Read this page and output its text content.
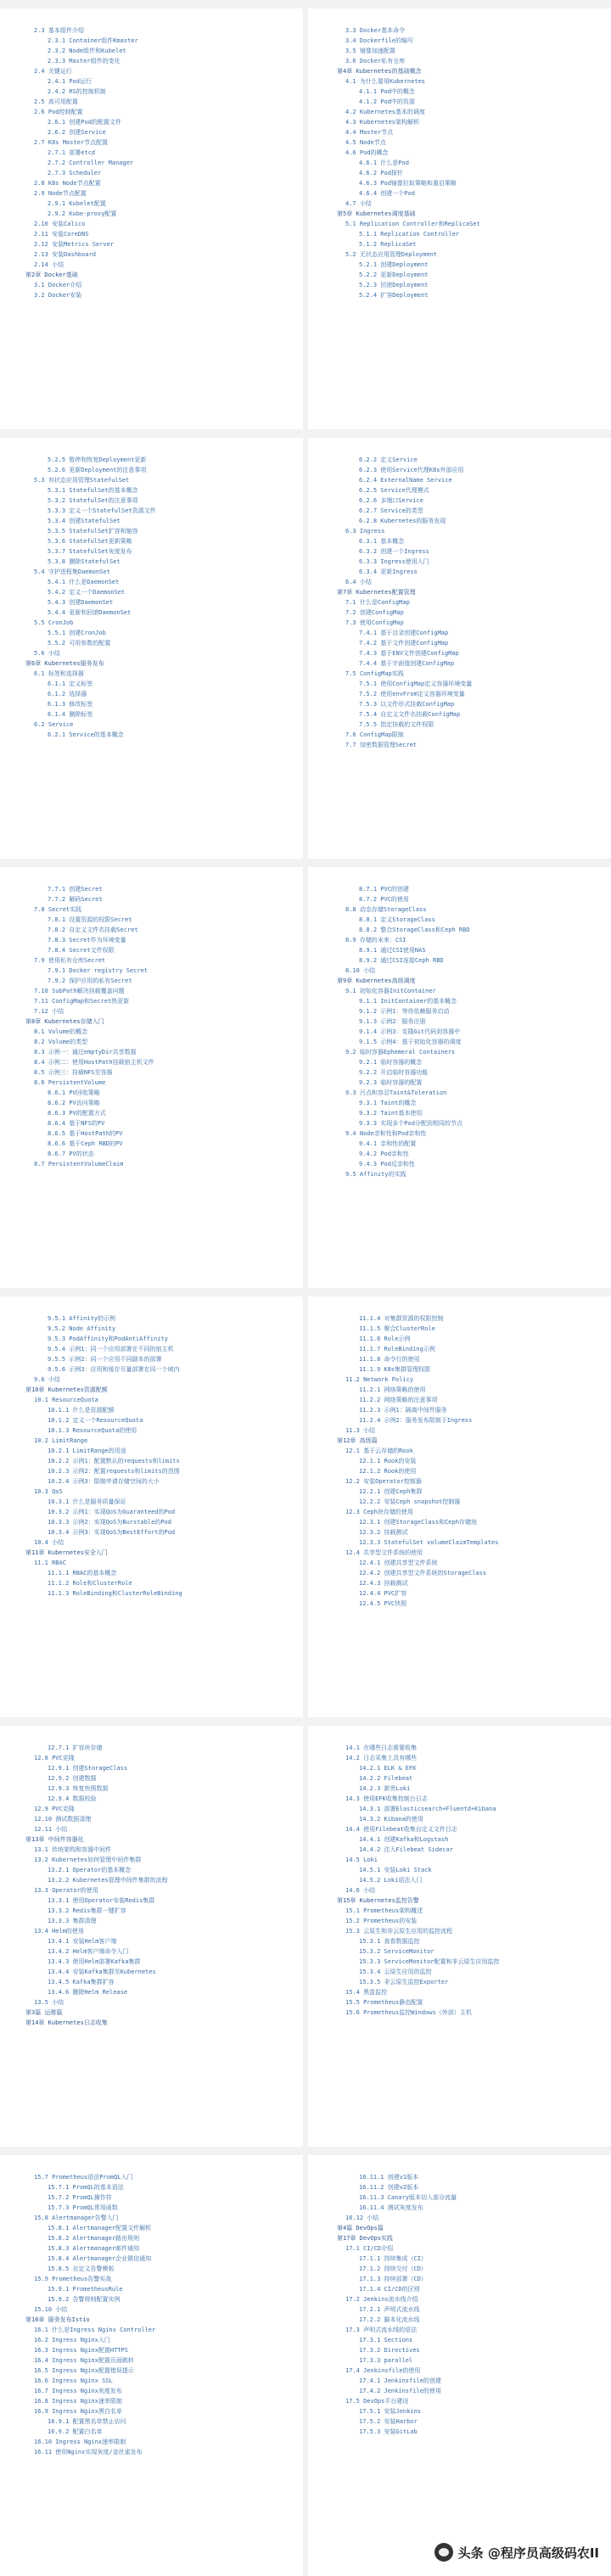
2.3 基本组件介绍
2.3.1 Container组件Kmaster
2.3.2 Node组件和Kubelet
2.3.3 Master组件的变化
2.4 关键运行
2.4.1 Pod运行
2.4.2 RS的控制机制
2.5 高可用配置
2.6 Pod控制配置
2.6.1 创建Pod的配置文件
2.6.2 创建Service
2.7 K8s Master节点配置
2.7.1 部署etcd
2.7.2 Controller Manager
2.7.3 Scheduler
2.8 K8s Node节点配置
2.9 Node节点配置
2.9.1 Kubelet配置
2.9.2 Kube-proxy配置
2.10 安装Calico
2.11 安装CoreDNS
2.12 安装Metrics Server
2.13 安装Dashboard
2.14 小结
第2章 Docker基础
3.1 Docker介绍
3.2 Docker安装
3.3 Docker基本命令
3.4 Dockerfile的编写
3.5 镜像加速配置
3.6 Docker私有仓库
第4章 Kubernetes的基础概念
4.1 为什么要用Kubernetes
4.1.1 Pod中的概念
4.1.2 Pod中的资源
4.2 Kubernetes基本的调度
4.3 Kubernetes架构解析
4.4 Master节点
4.5 Node节点
4.6 Pod的概念
4.6.1 什么是Pod
4.6.2 Pod探针
4.6.3 Pod镜像拉取策略和重启策略
4.6.4 创建一个Pod
4.7 小结
第5章 Kubernetes调度基础
5.1 Replication Controller和ReplicaSet
5.1.1 Replication Controller
5.1.2 ReplicaSet
5.2 无状态应用管理Deployment
5.2.1 创建Deployment
5.2.2 更新Deployment
5.2.3 回滚Deployment
5.2.4 扩容Deployment
5.2.5 暂停和恢复Deployment更新
5.2.6 更新Deployment的注意事项
5.3 有状态应用管理StatefulSet
5.3.1 StatefulSet的基本概念
5.3.2 StatefulSet的注意事项
5.3.3 定义一个StatefulSet资源文件
5.3.4 创建StatefulSet
5.3.5 StatefulSet扩容和缩容
5.3.6 StatefulSet更新策略
5.3.7 StatefulSet灰度发布
5.3.8 删除StatefulSet
5.4 守护进程集DaemonSet
5.4.1 什么是DaemonSet
5.4.2 定义一个DaemonSet
5.4.3 创建DaemonSet
5.4.4 更新和回滚DaemonSet
5.5 CronJob
5.5.1 创建CronJob
5.5.2 可用参数的配置
5.6 小结
第6章 Kubernetes服务发布
6.1 标签和选择器
6.1.1 定义标签
6.1.2 选择器
6.1.3 修改标签
6.1.4 删除标签
6.2 Service
6.2.1 Service的基本概念
6.2.2 定义Service
6.2.3 使用Service代理K8s外部应用
6.2.4 ExternalName Service
6.2.5 Service代理模式
6.2.6 多端口Service
6.2.7 Service的类型
6.2.8 Kubernetes的服务发现
6.3 Ingress
6.3.1 基本概念
6.3.2 创建一个Ingress
6.3.3 Ingress使用入门
6.3.4 更新Ingress
6.4 小结
第7章 Kubernetes配置管理
7.1 什么是ConfigMap
7.2 创建ConfigMap
7.3 使用ConfigMap
7.4.1 基于目录创建ConfigMap
7.4.2 基于文件创建ConfigMap
7.4.3 基于ENV文件创建ConfigMap
7.4.4 基于字面值创建ConfigMap
7.5 ConfigMap实践
7.5.1 使用ConfigMap定义容器环境变量
7.5.2 使用envFrom定义容器环境变量
7.5.3 以文件形式挂载ConfigMap
7.5.4 自定义文件名挂载ConfigMap
7.5.5 指定挂载的文件权限
7.6 ConfigMap限制
7.7 加密数据管理Secret
7.7.1 创建Secret
7.7.2 解码Secret
7.8 Secret实践
7.8.1 设置资源的权限Secret
7.8.2 自定义文件名挂载Secret
7.8.3 Secret作为环境变量
7.8.4 Secret文件权限
7.9 使用私有仓库Secret
7.9.1 Docker registry Secret
7.9.2 保护应用的私有Secret
7.10 SubPath解决挂载覆盖问题
7.11 ConfigMap和Secret热更新
7.12 小结
第8章 Kubernetes存储入门
8.1 Volume的概念
8.2 Volume的类型
8.3 示例一：通过emptyDir共享数据
8.4 示例二：使用HostPath挂载宿主机文件
8.5 示例三：挂载NFS至容器
8.6 PersistentVolume
8.6.1 PV回收策略
8.6.2 PV访问策略
8.6.3 PV的配置方式
8.6.4 基于NFS的PV
8.6.5 基于HostPath的PV
8.6.6 基于Ceph RBD的PV
8.6.7 PV的状态
8.7 PersistentVolumeClaim
8.7.1 PVC的创建
8.7.2 PVC的使用
8.8 动态存储StorageClass
8.8.1 定义StorageClass
8.8.2 整合StorageClass和Ceph RBD
8.9 存储的未来：CSI
8.9.1 通过CSI使用NAS
8.9.2 通过CSI连接Ceph RBD
8.10 小结
第9章 Kubernetes高级调度
9.1 初始化容器InitContainer
9.1.1 InitContainer的基本概念
9.1.2 示例1：等待依赖服务启动
9.1.3 示例2：服务注册
9.1.4 示例3：克隆Git代码到容器中
9.1.5 示例4：基于初始化容器的调度
9.2 临时容器Ephemeral Containers
9.2.1 临时容器的概念
9.2.2 开启临时容器功能
9.2.3 临时容器的配置
9.3 污点和容忍Taint&Toleration
9.3.1 Taint的概念
9.3.2 Taint基本使用
9.3.3 实现多个Pod分配到相同的节点
9.4 Node亲和性和Pod亲和性
9.4.1 亲和性的配置
9.4.2 Pod亲和性
9.4.3 Pod反亲和性
9.5 Affinity的实践
9.5.1 Affinity的示例
9.5.2 Node Affinity
9.5.3 PodAffinity和PodAntiAffinity
9.5.4 示例1：同一个应用部署在不同的宿主机
9.5.5 示例2：同一个应用不同副本的部署
9.5.6 示例3：应用和缓存尽量部署在同一个域内
9.6 小结
第10章 Kubernetes资源配额
10.1 ResourceQuota
10.1.1 什么是资源配额
10.1.2 定义一个ResourceQuota
10.1.3 ResourceQuota的使用
10.2 LimitRange
10.2.1 LimitRange的用途
10.2.2 示例1：配置默认的requests和limits
10.2.3 示例2：配置requests和limits的范围
10.2.4 示例3：限制申请存储空间的大小
10.3 QoS
10.3.1 什么是服务质量保证
10.3.2 示例1：实现QoS为Guaranteed的Pod
10.3.3 示例2：实现QoS为Burstable的Pod
10.3.4 示例3：实现QoS为BestEffort的Pod
10.4 小结
第11章 Kubernetes安全入门
11.1 RBAC
11.1.1 RBAC的基本概念
11.1.2 Role和ClusterRole
11.1.3 RoleBinding和ClusterRoleBinding
11.1.4 对集群资源的权限控制
11.1.5 聚合ClusterRole
11.1.6 Role示例
11.1.7 RoleBinding示例
11.1.8 命令行的使用
11.1.9 K8s集群管理权限
11.2 Network Policy
11.2.1 网络策略的使用
11.2.2 网络策略的注意事项
11.2.3 示例1：隔离中间件服务
11.2.4 示例2：服务发布限制于Ingress
11.3 小结
第12章 高级篇
12.1 基于云存储的Rook
12.1.1 Rook的安装
12.1.2 Rook的使用
12.2 安装Operator控制器
12.2.1 创建Ceph集群
12.2.2 安装Ceph snapshot控制器
12.3 Ceph块存储的使用
12.3.1 创建StorageClass和Ceph存储池
12.3.2 挂载测试
12.3.3 StatefulSet volumeClaimTemplates
12.4 共享型文件系统的使用
12.4.1 创建共享型文件系统
12.4.2 创建共享型文件系统的StorageClass
12.4.3 挂载测试
12.4.4 PVC扩容
12.4.5 PVC快照
12.7.1 扩容块存储
12.8 PVC克隆
12.9.1 创建StorageClass
12.9.2 创建数据
12.9.3 恢复快照数据
12.9.4 数据校验
12.9 PVC克隆
12.10 测试数据清理
12.11 小结
第13章 中间件容器化
13.1 传统架构和容器中间件
13.2 Kubernetes如何管理中间件集群
13.2.1 Operator的基本概念
13.2.2 Kubernetes管理中间件集群的流程
13.3 Operator的使用
13.3.1 使用Operator安装Redis集群
13.3.2 Redis集群一键扩容
13.3.3 集群清理
13.4 Helm的使用
13.4.1 安装Helm客户端
13.4.2 Helm客户端命令入门
13.4.3 使用Helm部署Kafka集群
13.4.4 安装Kafka集群至Kubernetes
13.4.5 Kafka集群扩容
13.4.6 删除Helm Release
13.5 小结
第3篇 运维篇
第14章 Kubernetes日志收集
14.1 在哪些日志需要收集
14.2 日志采集工具有哪些
14.2.1 ELK & EFK
14.2.2 Filebeat
14.2.3 新贵Loki
14.3 使用EFK收集控制台日志
14.3.1 部署Elasticsearch+Fluentd+Kibana
14.3.2 Kibana的使用
14.4 使用Filebeat收集自定义文件日志
14.4.1 创建Kafka和Logstash
14.4.2 注入Filebeat Sidecar
14.5 Loki
14.5.1 安装Loki Stack
14.5.2 Loki语法入门
14.6 小结
第15章 Kubernetes监控告警
15.1 Prometheus架构概述
15.2 Prometheus的安装
15.3 云原生和非云原生应用的监控流程
15.3.1 查看数据监控
15.3.2 ServiceMonitor
15.3.3 ServiceMonitor配置和非云原生应用监控
15.3.4 云原生应用的监控
15.3.5 非云原生监控Exporter
15.4 黑盒监控
15.5 Prometheus静态配置
15.6 Prometheus监控Windows（外部）主机
15.7 Prometheus语法PromQL入门
15.7.1 PromQL的基本语法
15.7.2 PromQL操作符
15.7.3 PromQL常用函数
15.8 Alertmanager告警入门
15.8.1 Alertmanager配置文件解析
15.8.2 Alertmanager路由规则
15.8.3 Alertmanager邮件通知
15.8.4 Alertmanager企业微信通知
15.8.5 自定义告警模板
15.9 Prometheus告警实战
15.9.1 PrometheusRule
15.9.2 告警规则配置实例
15.10 小结
第16章 服务发布Istio
16.1 什么是Ingress Nginx Controller
16.2 Ingress Nginx入门
16.3 Ingress Nginx配置HTTPS
16.4 Ingress Nginx配置页面跳转
16.5 Ingress Nginx配置错误提示
16.6 Ingress Nginx SSL
16.7 Ingress Nginx灰度发布
16.8 Ingress Nginx速率限制
16.9 Ingress Nginx黑白名单
16.9.1 配置黑名单禁止访问
16.9.2 配置白名单
16.10 Ingress Nginx速率限制
16.11 使用Nginx实现灰度/金丝雀发布
16.11.1 创建v1版本
16.11.2 创建v2版本
16.11.3 Canary版本切入部分流量
16.11.4 测试灰度发布
16.12 小结
第4篇 DevOps篇
第17章 DevOps实践
17.1 CI/CD介绍
17.1.1 持续集成（CI）
17.1.2 持续交付（CD）
17.1.3 持续部署（CD）
17.1.4 CI/CD的区别
17.2 Jenkins流水线介绍
17.2.1 声明式流水线
17.2.2 脚本化流水线
17.3 声明式流水线的语法
17.3.1 Sections
17.3.2 Directives
17.3.3 parallel
17.4 Jenkinsfile的使用
17.4.1 Jenkinsfile的创建
17.4.2 Jenkinsfile的使用
17.5 DevOps平台建设
17.5.1 安装Jenkins
17.5.2 安装Harbor
17.5.3 安装GitLab
头条 @程序员高级码农II
